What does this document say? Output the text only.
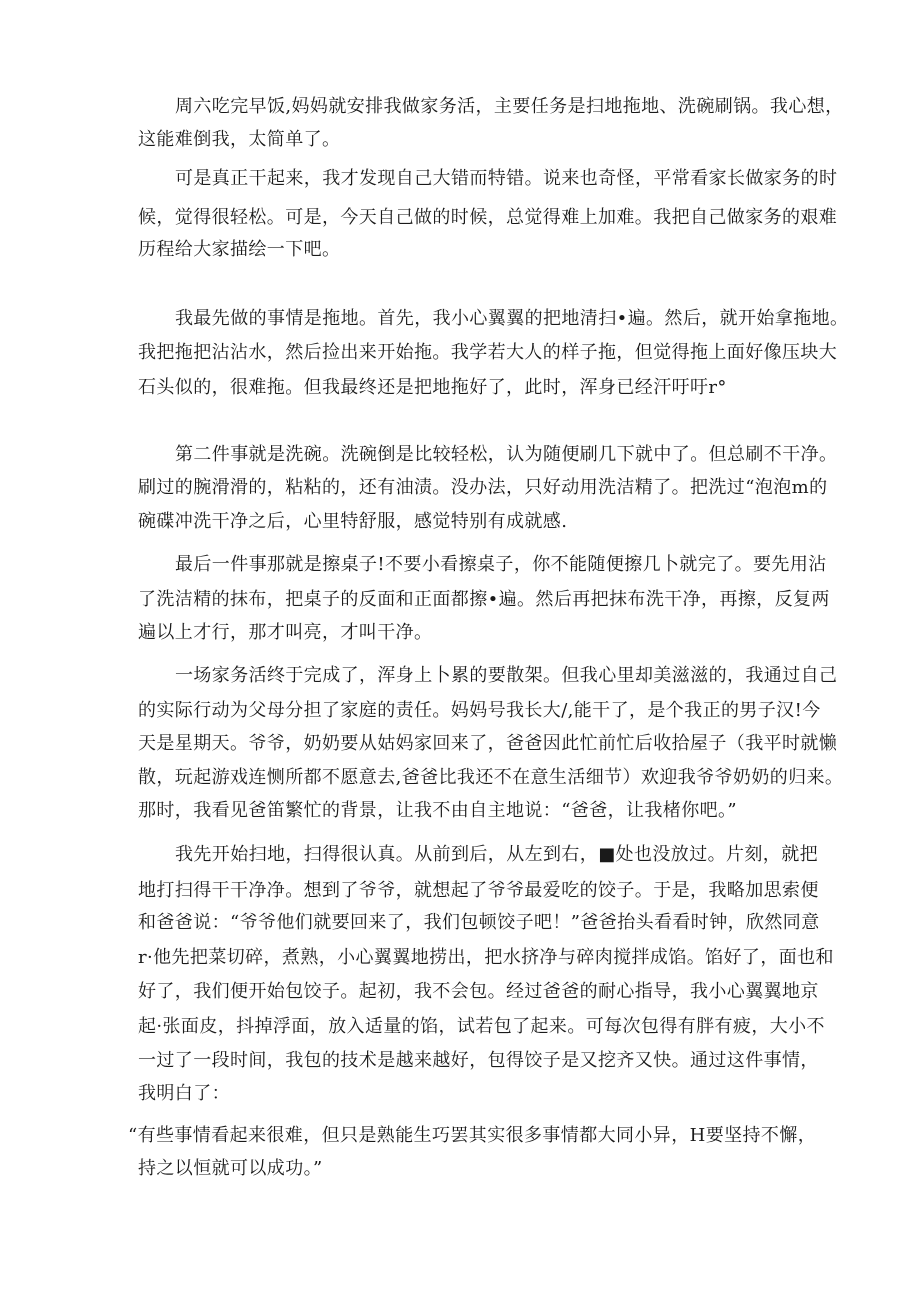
周六吃完早饭,妈妈就安排我做家务活，主要任务是扫地拖地、洗碗刷锅。我心想，
这能难倒我，太简单了。
可是真正干起来，我才发现自己大错而特错。说来也奇怪，平常看家长做家务的时
候，觉得很轻松。可是，今天自己做的时候，总觉得难上加难。我把自己做家务的艰难
历程给大家描绘一下吧。
我最先做的事情是拖地。首先，我小心翼翼的把地清扫•遍。然后，就开始拿拖地。
我把拖把沾沾水，然后捡出来开始拖。我学若大人的样子拖，但觉得拖上面好像压块大
石头似的，很难拖。但我最终还是把地拖好了，此时，浑身已经汗吁吁r°
第二件事就是洗碗。洗碗倒是比较轻松，认为随便刷几下就中了。但总刷不干净。
刷过的腕滑滑的，粘粘的，还有油渍。没办法，只好动用洗洁精了。把洗过“泡泡m的
碗碟冲洗干净之后，心里特舒服，感觉特别有成就感.
最后一件事那就是擦桌子!不要小看擦桌子，你不能随便擦几卜就完了。要先用沾
了洗洁精的抹布，把桌子的反面和正面都擦•遍。然后再把抹布洗干净，再擦，反复两
遍以上才行，那才叫亮，才叫干净。
一场家务活终于完成了，浑身上卜累的要散架。但我心里却美滋滋的，我通过自己
的实际行动为父母分担了家庭的责任。妈妈号我长大/,能干了，是个我正的男子汉!今
天是星期天。爷爷，奶奶要从姑妈家回来了，爸爸因此忙前忙后收拾屋子（我平时就懒
散，玩起游戏连恻所都不愿意去,爸爸比我还不在意生活细节）欢迎我爷爷奶奶的归来。
那时，我看见爸笛繁忙的背景，让我不由自主地说：“爸爸，让我楮你吧。”
我先开始扫地，扫得很认真。从前到后，从左到右，■处也没放过。片刻，就把
地打扫得干干净净。想到了爷爷，就想起了爷爷最爱吃的饺子。于是，我略加思索便
和爸爸说：“爷爷他们就要回来了，我们包顿饺子吧！”爸爸抬头看看时钟，欣然同意
r·他先把菜切碎，煮熟，小心翼翼地捞出，把水挤净与碎肉搅拌成馅。馅好了，面也和
好了，我们便开始包饺子。起初，我不会包。经过爸爸的耐心指导，我小心翼翼地京
起·张面皮，抖掉浮面，放入适量的馅，试若包了起来。可每次包得有胖有疲，大小不
一过了一段时间，我包的技术是越来越好，包得饺子是又挖齐又快。通过这件事情，
我明白了：
“有些事情看起来很难，但只是熟能生巧罢其实很多事情都大同小异，H要坚持不懈，
持之以恒就可以成功。”
